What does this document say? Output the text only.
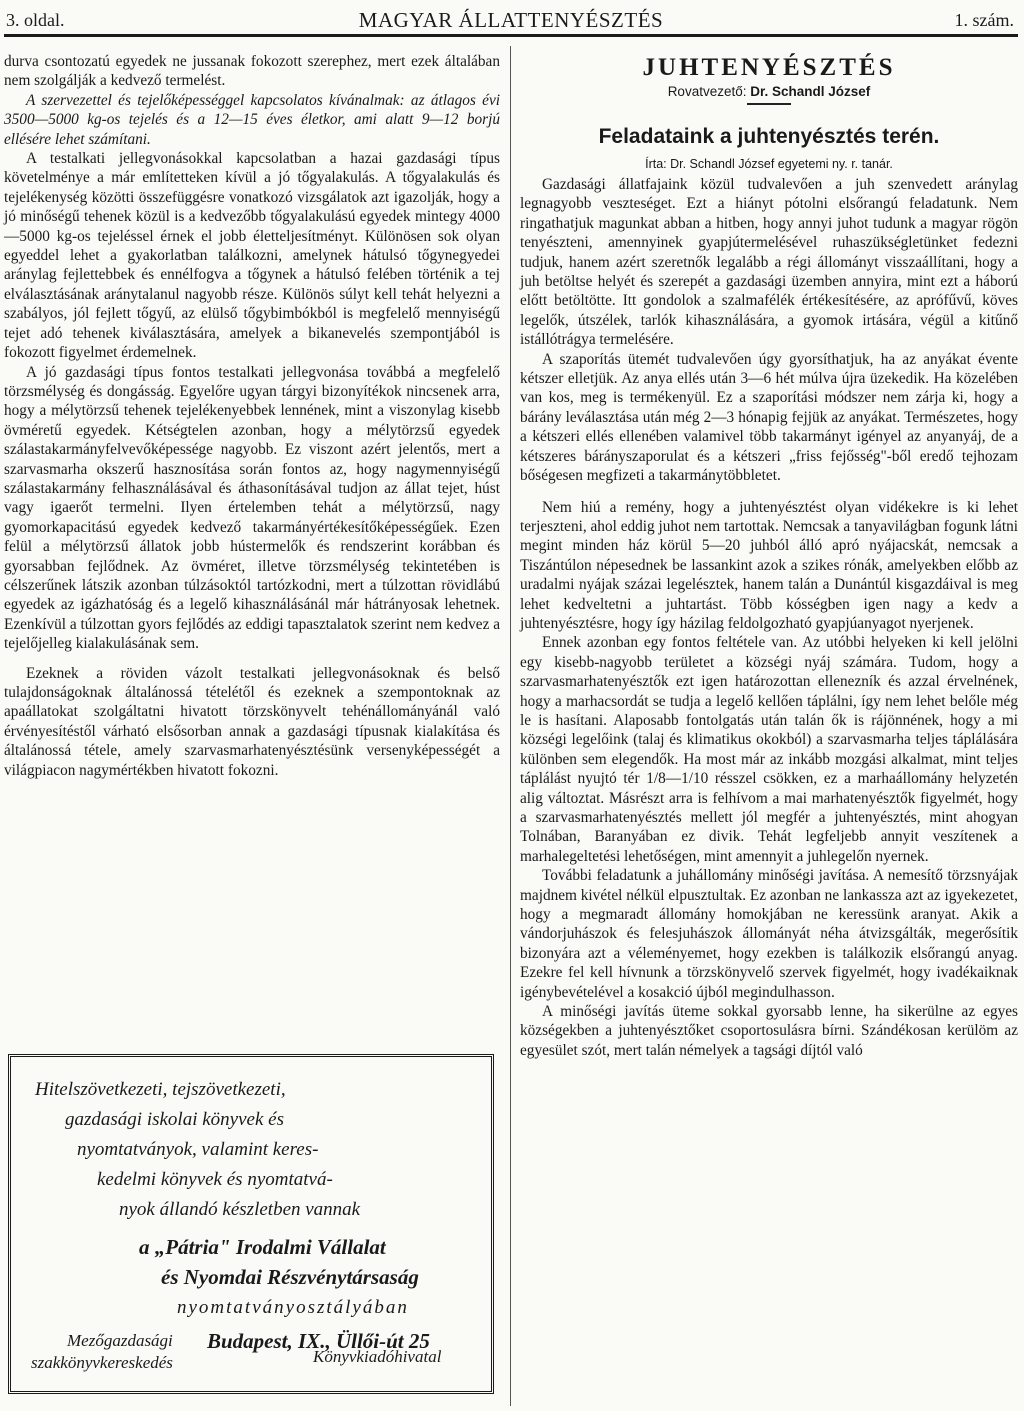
3. oldal.	MAGYAR ÁLLATTENYÉSZTÉS	1. szám.

durva csontozatú egyedek ne jussanak fokozott szerephez, mert ezek általában nem szolgálják a kedvező termelést.

A szervezettel és tejelőképességgel kapcsolatos kívánalmak: az átlagos évi 3500—5000 kg-os tejelés és a 12—15 éves életkor, ami alatt 9—12 borjú ellésére lehet számítani.

A testalkati jellegvonásokkal kapcsolatban a hazai gazdasági típus követelménye a már említetteken kívül a jó tőgyalakulás. A tőgyalakulás és tejelékenység közötti összefüggésre vonatkozó vizsgálatok azt igazolják, hogy a jó minőségű tehenek közül is a kedvezőbb tőgyalakulású egyedek mintegy 4000—5000 kg-os tejeléssel érnek el jobb életteljesítményt. Különösen sok olyan egyeddel lehet a gyakorlatban találkozni, amelynek hátulsó tőgynegyedei aránylag fejlettebbek és ennélfogva a tőgynek a hátulsó felében történik a tej elválasztásának aránytalanul nagyobb része. Különös súlyt kell tehát helyezni a szabályos, jól fejlett tőgyű, az elülső tőgybimbókból is megfelelő mennyiségű tejet adó tehenek kiválasztására, amelyek a bikanevelés szempontjából is fokozott figyelmet érdemelnek.

A jó gazdasági típus fontos testalkati jellegvonása továbbá a megfelelő törzsmélység és dongásság. Egyelőre ugyan tárgyi bizonyítékok nincsenek arra, hogy a mélytörzsű tehenek tejelékenyebbek lennének, mint a viszonylag kisebb övméretű egyedek. Kétségtelen azonban, hogy a mélytörzsű egyedek szálastakarmányfelvevőképessége nagyobb. Ez viszont azért jelentős, mert a szarvasmarha okszerű hasznosítása során fontos az, hogy nagymennyiségű szálastakarmány felhasználásával és áthasonításával tudjon az állat tejet, húst vagy igaerőt termelni. Ilyen értelemben tehát a mélytörzsű, nagy gyomorkapacitású egyedek kedvező takarmányértékesítőképességűek. Ezen felül a mélytörzsű állatok jobb hústermelők és rendszerint korábban és gyorsabban fejlődnek. Az övméret, illetve törzsmélység tekintetében is célszerűnek látszik azonban túlzásoktól tartózkodni, mert a túlzottan rövidlábú egyedek az igázhatóság és a legelő kihasználásánál már hátrányosak lehetnek. Ezenkívül a túlzottan gyors fejlődés az eddigi tapasztalatok szerint nem kedvez a tejelőjelleg kialakulásának sem.

Ezeknek a röviden vázolt testalkati jellegvonásoknak és belső tulajdonságoknak általánossá tételétől és ezeknek a szempontoknak az apaállatokat szolgáltatni hivatott törzskönyvelt tehénállományánál való érvényesítéstől várható elsősorban annak a gazdasági típusnak kialakítása és általánossá tétele, amely szarvasmarhatenyésztésünk versenyképességét a világpiacon nagymértékben hivatott fokozni.

Hitelszövetkezeti, tejszövetkezeti,
gazdasági iskolai könyvek és
nyomtatványok, valamint keres-
kedelmi könyvek és nyomtatvá-
nyok állandó készletben vannak
a „Pátria" Irodalmi Vállalat
és Nyomdai Részvénytársaság
nyomtatványosztályában
Budapest, IX., Üllői-út 25
Mezőgazdasági
szakkönyvkereskedés	Könyvkiadóhivatal

JUHTENYÉSZTÉS

Rovatvezető: Dr. Schandl József

Feladataink a juhtenyésztés terén.

Írta: Dr. Schandl József egyetemi ny. r. tanár.

Gazdasági állatfajaink közül tudvalevően a juh szenvedett aránylag legnagyobb veszteséget. Ezt a hiányt pótolni elsőrangú feladatunk. Nem ringathatjuk magunkat abban a hitben, hogy annyi juhot tudunk a magyar rögön tenyészteni, amennyinek gyapjútermelésével ruhaszükségletünket fedezni tudjuk, hanem azért szeretnők legalább a régi állományt visszaállítani, hogy a juh betöltse helyét és szerepét a gazdasági üzemben annyira, mint ezt a háború előtt betöltötte. Itt gondolok a szalmafélék értékesítésére, az aprófűvű, köves legelők, útszélek, tarlók kihasználására, a gyomok irtására, végül a kitűnő istállótrágya termelésére.

A szaporítás ütemét tudvalevően úgy gyorsíthatjuk, ha az anyákat évente kétszer elletjük. Az anya ellés után 3—6 hét múlva újra üzekedik. Ha közelében van kos, meg is termékenyül. Ez a szaporítási módszer nem zárja ki, hogy a bárány leválasztása után még 2—3 hónapig fejjük az anyákat. Természetes, hogy a kétszeri ellés ellenében valamivel több takarmányt igényel az anyanyáj, de a kétszeres bárányszaporulat és a kétszeri „friss fejősség"-ből eredő tejhozam bőségesen megfizeti a takarmánytöbbletet.

Nem hiú a remény, hogy a juhtenyésztést olyan vidékekre is ki lehet terjeszteni, ahol eddig juhot nem tartottak. Nemcsak a tanyavilágban fogunk látni megint minden ház körül 5—20 juhból álló apró nyájacskát, nemcsak a Tiszántúlon népesednek be lassankint azok a szikes rónák, amelyekben előbb az uradalmi nyájak százai legelésztek, hanem talán a Dunántúl kisgazdáival is meg lehet kedveltetni a juhtartást. Több kósségben igen nagy a kedv a juhtenyésztésre, hogy így házilag feldolgozható gyapjúanyagot nyerjenek.

Ennek azonban egy fontos feltétele van. Az utóbbi helyeken ki kell jelölni egy kisebb-nagyobb területet a községi nyáj számára. Tudom, hogy a szarvasmarhatenyésztők ezt igen határozottan ellenezník és azzal érvelnének, hogy a marhacsordát se tudja a legelő kellően táplálni, így nem lehet belőle még le is hasítani. Alaposabb fontolgatás után talán ők is rájönnének, hogy a mi községi legelőink (talaj és klimatikus okokból) a szarvasmarha teljes táplálására különben sem elegendők. Ha most már az inkább mozgási alkalmat, mint teljes táplálást nyujtó tér 1/8—1/10 résszel csökken, ez a marhaállomány helyzetén alig változtat. Másrészt arra is felhívom a mai marhatenyésztők figyelmét, hogy a szarvasmarhatenyésztés mellett jól megfér a juhtenyésztés, mint ahogyan Tolnában, Baranyában ez divik. Tehát legfeljebb annyit veszítenek a marhalegeltetési lehetőségen, mint amennyit a juhlegelőn nyernek.

További feladatunk a juhállomány minőségi javítása. A nemesítő törzsnyájak majdnem kivétel nélkül elpusztultak. Ez azonban ne lankassza azt az igyekezetet, hogy a megmaradt állomány homokjában ne keressünk aranyat. Akik a vándorjuhászok és felesjuhászok állományát néha átvizsgálták, megerősítik bizonyára azt a véleményemet, hogy ezekben is találkozik elsőrangú anyag. Ezekre fel kell hívnunk a törzskönyvelő szervek figyelmét, hogy ivadékaiknak igénybevételével a kosakció újból megindulhasson.

A minőségi javítás üteme sokkal gyorsabb lenne, ha sikerülne az egyes községekben a juhtenyésztőket csoportosulásra bírni. Szándékosan kerülöm az egyesület szót, mert talán némelyek a tagsági díjtól való
